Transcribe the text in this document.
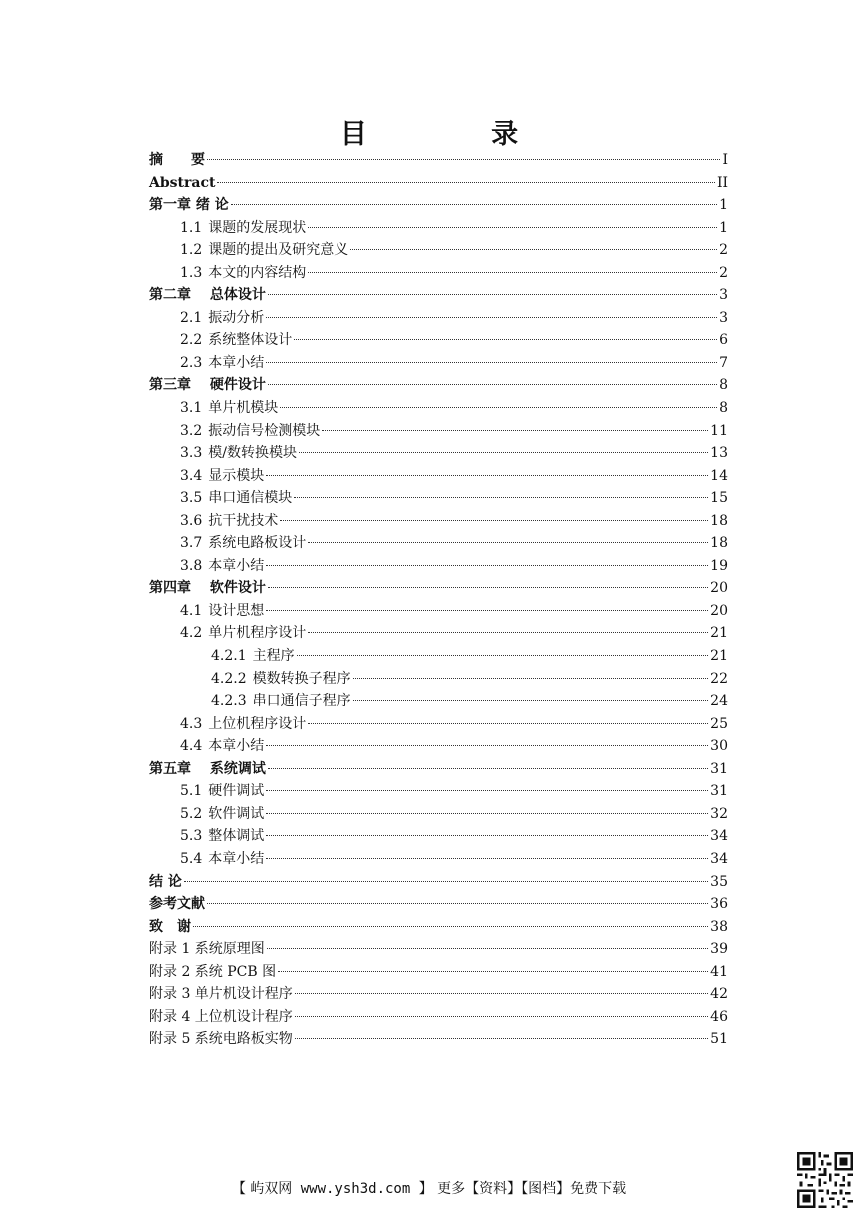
目　录
摘　　要	I
Abstract	II
第一章 绪 论	1
1.1 课题的发展现状	1
1.2 课题的提出及研究意义	2
1.3 本文的内容结构	2
第二章　 总体设计	3
2.1 振动分析	3
2.2 系统整体设计	6
2.3 本章小结	7
第三章　 硬件设计	8
3.1 单片机模块	8
3.2 振动信号检测模块	11
3.3 模/数转换模块	13
3.4 显示模块	14
3.5 串口通信模块	15
3.6 抗干扰技术	18
3.7 系统电路板设计	18
3.8 本章小结	19
第四章　 软件设计	20
4.1 设计思想	20
4.2 单片机程序设计	21
4.2.1 主程序	21
4.2.2 模数转换子程序	22
4.2.3 串口通信子程序	24
4.3 上位机程序设计	25
4.4 本章小结	30
第五章　 系统调试	31
5.1 硬件调试	31
5.2 软件调试	32
5.3 整体调试	34
5.4 本章小结	34
结 论	35
参考文献	36
致　谢	38
附录 1 系统原理图	39
附录 2 系统 PCB 图	41
附录 3 单片机设计程序	42
附录 4 上位机设计程序	46
附录 5 系统电路板实物	51
【 屿双网 www.ysh3d.com 】 更多【资料】【图档】免费下载
